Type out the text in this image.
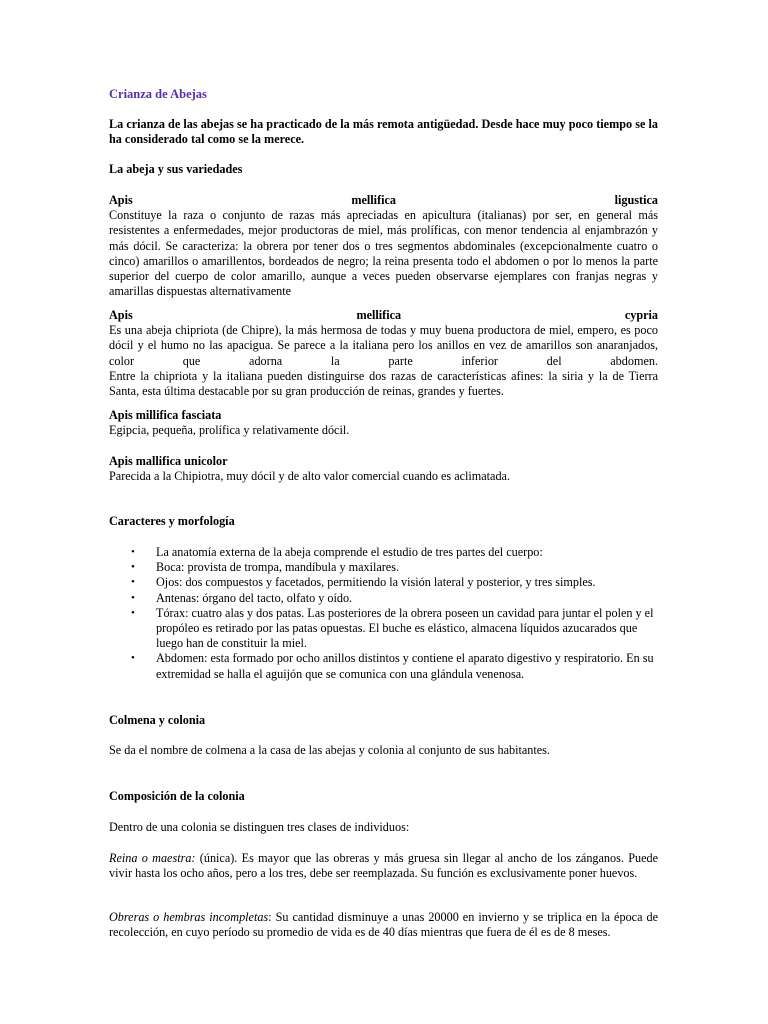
Crianza de Abejas

La crianza de las abejas se ha practicado de la más remota antigüedad. Desde hace muy poco tiempo se la ha considerado tal como se la merece.

La abeja y sus variedades

Apis	mellifica	ligustica
Constituye la raza o conjunto de razas más apreciadas en apicultura (italianas) por ser, en general más resistentes a enfermedades, mejor productoras de miel, más prolíficas, con menor tendencia al enjambrazón y más dócil. Se caracteriza: la obrera por tener dos o tres segmentos abdominales (excepcionalmente cuatro o cinco) amarillos o amarillentos, bordeados de negro; la reina presenta todo el abdomen o por lo menos la parte superior del cuerpo de color amarillo, aunque a veces pueden observarse ejemplares con franjas negras y amarillas dispuestas alternativamente
Apis	mellifica	cypria
Es una abeja chipriota (de Chipre), la más hermosa de todas y muy buena productora de miel, empero, es poco dócil y el humo no las apacigua. Se parece a la italiana pero los anillos en vez de amarillos son anaranjados, color que adorna la parte inferior del abdomen.
Entre la chipriota y la italiana pueden distinguirse dos razas de características afines: la siria y la de Tierra Santa, esta última destacable por su gran producción de reinas, grandes y fuertes.
Apis millifica fasciata
Egipcia, pequeña, prolífica y relativamente dócil.
Apis mallifica unicolor
Parecida a la Chipiotra, muy dócil y de alto valor comercial cuando es aclimatada.

Caracteres y morfología

• La anatomía externa de la abeja comprende el estudio de tres partes del cuerpo:
• Boca: provista de trompa, mandíbula y maxilares.
• Ojos: dos compuestos y facetados, permitiendo la visión lateral y posterior, y tres simples.
• Antenas: órgano del tacto, olfato y oído.
• Tórax: cuatro alas y dos patas. Las posteriores de la obrera poseen un cavidad para juntar el polen y el propóleo es retirado por las patas opuestas. El buche es elástico, almacena líquidos azucarados que luego han de constituir la miel.
• Abdomen: esta formado por ocho anillos distintos y contiene el aparato digestivo y respiratorio. En su extremidad se halla el aguijón que se comunica con una glándula venenosa.

Colmena y colonia

Se da el nombre de colmena a la casa de las abejas y colonia al conjunto de sus habitantes.

Composición de la colonia

Dentro de una colonia se distinguen tres clases de individuos:

Reina o maestra: (única). Es mayor que las obreras y más gruesa sin llegar al ancho de los zánganos. Puede vivir hasta los ocho años, pero a los tres, debe ser reemplazada. Su función es exclusivamente poner huevos.

Obreras o hembras incompletas: Su cantidad disminuye a unas 20000 en invierno y se triplica en la época de recolección, en cuyo período su promedio de vida es de 40 días mientras que fuera de él es de 8 meses.
